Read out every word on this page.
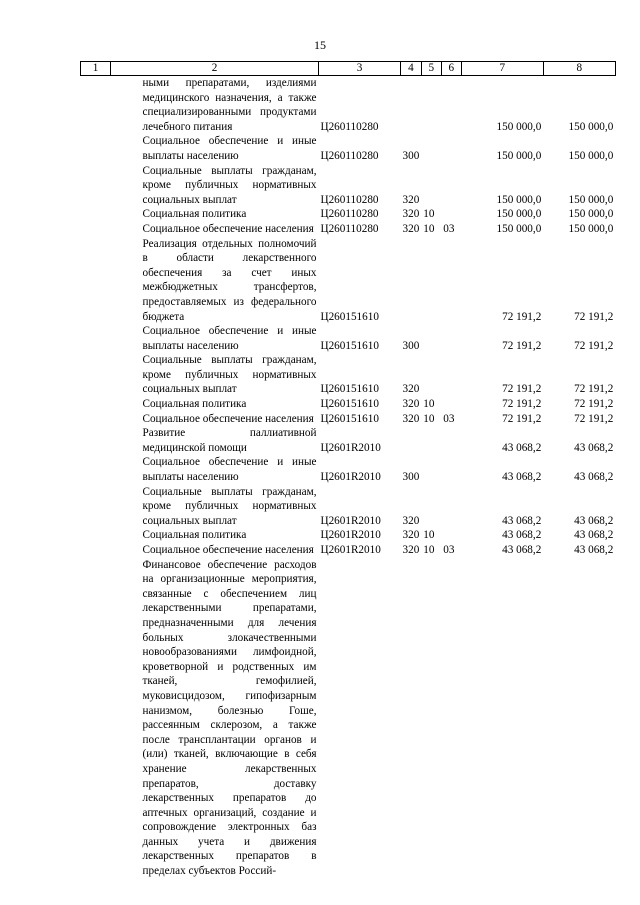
15
1	2	3	4	5	6	7	8
	ными препаратами, изделиями медицинского назначения, а также специализированными продуктами лечебного питания	Ц260110280				150 000,0	150 000,0
	Социальное обеспечение и иные выплаты населению	Ц260110280	300			150 000,0	150 000,0
	Социальные выплаты гражданам, кроме публичных нормативных социальных выплат	Ц260110280	320			150 000,0	150 000,0
	Социальная политика	Ц260110280	320	10		150 000,0	150 000,0
	Социальное обеспечение населения	Ц260110280	320	10	03	150 000,0	150 000,0
	Реализация отдельных полномочий в области лекарственного обеспечения за счет иных межбюджетных трансфертов, предоставляемых из федерального бюджета	Ц260151610				72 191,2	72 191,2
	Социальное обеспечение и иные выплаты населению	Ц260151610	300			72 191,2	72 191,2
	Социальные выплаты гражданам, кроме публичных нормативных социальных выплат	Ц260151610	320			72 191,2	72 191,2
	Социальная политика	Ц260151610	320	10		72 191,2	72 191,2
	Социальное обеспечение населения	Ц260151610	320	10	03	72 191,2	72 191,2
	Развитие паллиативной медицинской помощи	Ц2601R2010				43 068,2	43 068,2
	Социальное обеспечение и иные выплаты населению	Ц2601R2010	300			43 068,2	43 068,2
	Социальные выплаты гражданам, кроме публичных нормативных социальных выплат	Ц2601R2010	320			43 068,2	43 068,2
	Социальная политика	Ц2601R2010	320	10		43 068,2	43 068,2
	Социальное обеспечение населения	Ц2601R2010	320	10	03	43 068,2	43 068,2
	Финансовое обеспечение расходов на организационные мероприятия, связанные с обеспечением лиц лекарственными препаратами, предназначенными для лечения больных злокачественными новообразованиями лимфоидной, кроветворной и родственных им тканей, гемофилией, муковисцидозом, гипофизарным нанизмом, болезнью Гоше, рассеянным склерозом, а также после трансплантации органов и (или) тканей, включающие в себя хранение лекарственных препаратов, доставку лекарственных препаратов до аптечных организаций, создание и сопровождение электронных баз данных учета и движения лекарственных препаратов в пределах субъектов Россий-						
